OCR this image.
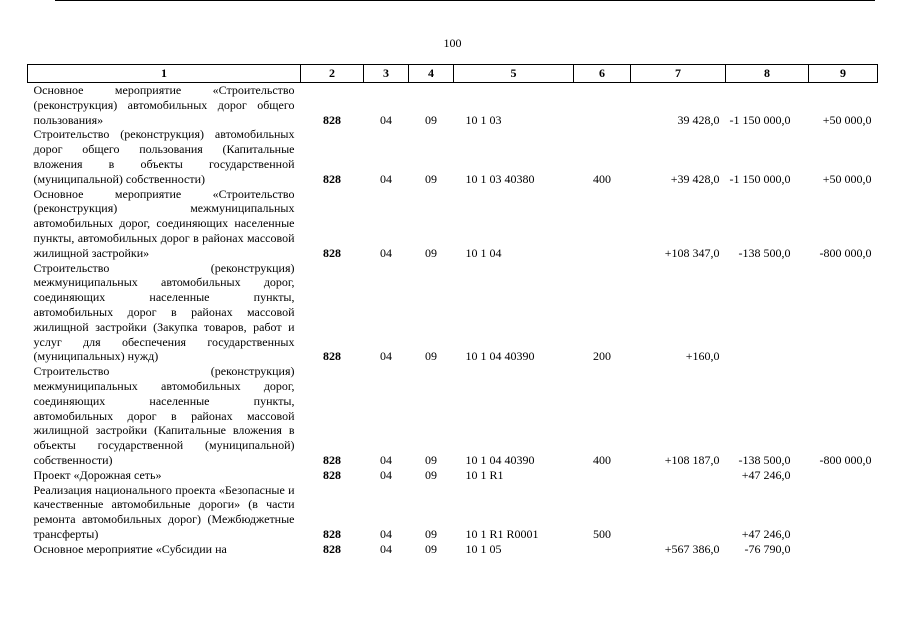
100
1	2	3	4	5	6	7	8	9
Основное мероприятие «Строительство (реконструкция) автомобильных дорог общего пользования»	828	04	09	10 1 03		39 428,0	-1 150 000,0	+50 000,0
Строительство (реконструкция) автомобильных дорог общего пользования (Капитальные вложения в объекты государственной (муниципальной) собственности)	828	04	09	10 1 03 40380	400	+39 428,0	-1 150 000,0	+50 000,0
Основное мероприятие «Строительство (реконструкция) межмуниципальных автомобильных дорог, соединяющих населенные пункты, автомобильных дорог в районах массовой жилищной застройки»	828	04	09	10 1 04		+108 347,0	-138 500,0	-800 000,0
Строительство (реконструкция) межмуниципальных автомобильных дорог, соединяющих населенные пункты, автомобильных дорог в районах массовой жилищной застройки (Закупка товаров, работ и услуг для обеспечения государственных (муниципальных) нужд)	828	04	09	10 1 04 40390	200	+160,0		
Строительство (реконструкция) межмуниципальных автомобильных дорог, соединяющих населенные пункты, автомобильных дорог в районах массовой жилищной застройки (Капитальные вложения в объекты государственной (муниципальной) собственности)	828	04	09	10 1 04 40390	400	+108 187,0	-138 500,0	-800 000,0
Проект «Дорожная сеть»	828	04	09	10 1 R1			+47 246,0	
Реализация национального проекта «Безопасные и качественные автомобильные дороги» (в части ремонта автомобильных дорог) (Межбюджетные трансферты)	828	04	09	10 1 R1 R0001	500		+47 246,0	
Основное мероприятие «Субсидии на	828	04	09	10 1 05		+567 386,0	-76 790,0	
